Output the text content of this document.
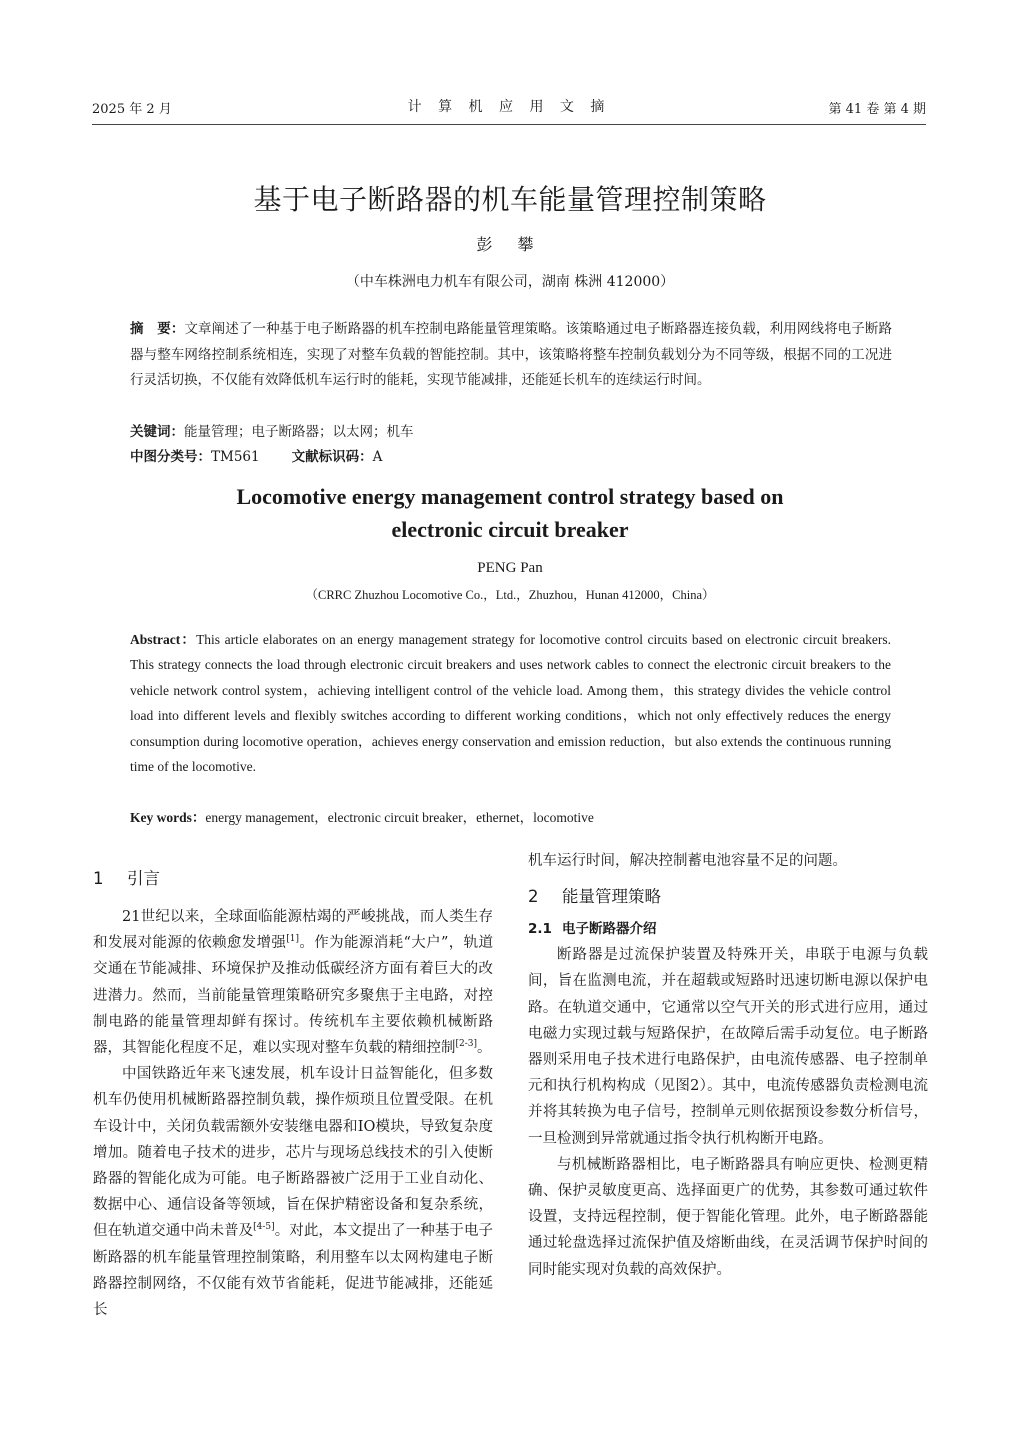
2025 年 2 月	计 算 机 应 用 文 摘	第 41 卷 第 4 期
基于电子断路器的机车能量管理控制策略
彭 攀
（中车株洲电力机车有限公司，湖南 株洲 412000）
摘　要：文章阐述了一种基于电子断路器的机车控制电路能量管理策略。该策略通过电子断路器连接负载，利用网线将电子断路器与整车网络控制系统相连，实现了对整车负载的智能控制。其中，该策略将整车控制负载划分为不同等级，根据不同的工况进行灵活切换，不仅能有效降低机车运行时的能耗，实现节能减排，还能延长机车的连续运行时间。
关键词：能量管理；电子断路器；以太网；机车
中图分类号：TM561 文献标识码：A
Locomotive energy management control strategy based on
electronic circuit breaker
PENG Pan
（CRRC Zhuzhou Locomotive Co.，Ltd.，Zhuzhou，Hunan 412000，China）
Abstract：This article elaborates on an energy management strategy for locomotive control circuits based on electronic circuit breakers. This strategy connects the load through electronic circuit breakers and uses network cables to connect the electronic circuit breakers to the vehicle network control system，achieving intelligent control of the vehicle load. Among them，this strategy divides the vehicle control load into different levels and flexibly switches according to different working conditions，which not only effectively reduces the energy consumption during locomotive operation，achieves energy conservation and emission reduction，but also extends the continuous running time of the locomotive.
Key words：energy management，electronic circuit breaker，ethernet，locomotive
1 引言

21世纪以来，全球面临能源枯竭的严峻挑战，而人类生存和发展对能源的依赖愈发增强[1]。作为能源消耗“大户”，轨道交通在节能减排、环境保护及推动低碳经济方面有着巨大的改进潜力。然而，当前能量管理策略研究多聚焦于主电路，对控制电路的能量管理却鲜有探讨。传统机车主要依赖机械断路器，其智能化程度不足，难以实现对整车负载的精细控制[2-3]。

中国铁路近年来飞速发展，机车设计日益智能化，但多数机车仍使用机械断路器控制负载，操作烦琐且位置受限。在机车设计中，关闭负载需额外安装继电器和IO模块，导致复杂度增加。随着电子技术的进步，芯片与现场总线技术的引入使断路器的智能化成为可能。电子断路器被广泛用于工业自动化、数据中心、通信设备等领域，旨在保护精密设备和复杂系统，但在轨道交通中尚未普及[4-5]。对此，本文提出了一种基于电子断路器的机车能量管理控制策略，利用整车以太网构建电子断路器控制网络，不仅能有效节省能耗，促进节能减排，还能延长

机车运行时间，解决控制蓄电池容量不足的问题。

2 能量管理策略
2.1 电子断路器介绍

断路器是过流保护装置及特殊开关，串联于电源与负载间，旨在监测电流，并在超载或短路时迅速切断电源以保护电路。在轨道交通中，它通常以空气开关的形式进行应用，通过电磁力实现过载与短路保护，在故障后需手动复位。电子断路器则采用电子技术进行电路保护，由电流传感器、电子控制单元和执行机构构成（见图2）。其中，电流传感器负责检测电流并将其转换为电子信号，控制单元则依据预设参数分析信号，一旦检测到异常就通过指令执行机构断开电路。

与机械断路器相比，电子断路器具有响应更快、检测更精确、保护灵敏度更高、选择面更广的优势，其参数可通过软件设置，支持远程控制，便于智能化管理。此外，电子断路器能通过轮盘选择过流保护值及熔断曲线，在灵活调节保护时间的同时能实现对负载的高效保护。
